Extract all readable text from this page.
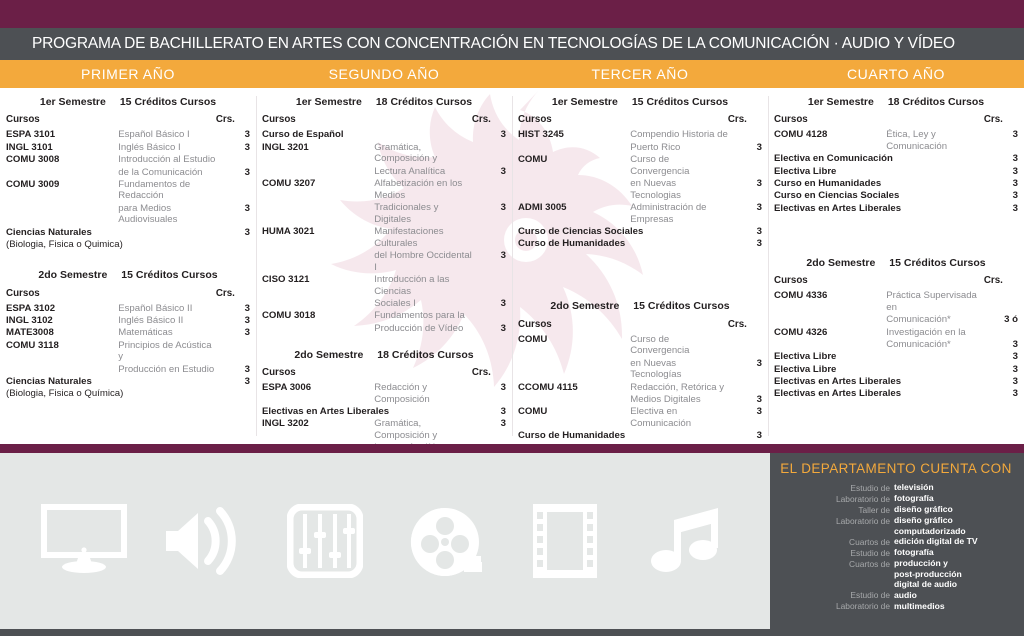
PROGRAMA DE BACHILLERATO EN ARTES CON CONCENTRACIÓN EN TECNOLOGÍAS DE LA COMUNICACIÓN · AUDIO Y VÍDEO
PRIMER AÑO	SEGUNDO AÑO	TERCER AÑO	CUARTO AÑO
1er Semestre 15 Créditos Cursos
Cursos		Crs.
ESPA 3101	Español Básico I	3
INGL 3101	Inglés Básico I	3
COMU 3008	Introducción al Estudio	
	de la Comunicación	3
COMU 3009	Fundamentos de Redacción	
	para Medios Audiovisuales	3
Ciencias Naturales		3
(Biologia, Fisica o Quimica)		
2do Semestre 15 Créditos Cursos
Cursos		Crs.
ESPA 3102	Español Básico II	3
INGL 3102	Inglés Básico II	3
MATE3008	Matemáticas	3
COMU 3118	Principios de Acústica y	
	Producción en Estudio	3
Ciencias Naturales		3
(Biologia, Fisica o Química)		
1er Semestre 18 Créditos Cursos
Cursos		Crs.
Curso de Español		3
INGL 3201	Gramática, Composición y	
	Lectura Analítica	3
COMU 3207	Alfabetización en los Medios	
	Tradicionales y Digitales	3
HUMA 3021	Manifestaciones Culturales	
	del Hombre Occidental I	3
CISO 3121	Introducción a las Ciencias	
	Sociales I	3
COMU 3018	Fundamentos para la	
	Producción de Vídeo	3
2do Semestre 18 Créditos Cursos
Cursos		Crs.
ESPA 3006	Redacción y Composición	3
Electivas en Artes Liberales		3
INGL 3202	Gramática, Composición y	3

1er Semestre 15 Créditos Cursos
Cursos		Crs.
HIST 3245	Compendio Historia de	
	Puerto Rico	3
COMU	Curso de Convergencia	
	en Nuevas Tecnologias	3
ADMI 3005	Administración de Empresas	3
Curso de Ciencias Sociales		3
Curso de Humanidades		3
2do Semestre 15 Créditos Cursos
Cursos		Crs.
COMU	Curso de Convergencia	
	en Nuevas Tecnologías	3
CCOMU 4115	Redacción, Retórica y	
	Medios Digitales	3
COMU	Electiva en Comunicación	3
Curso de Humanidades		3

1er Semestre 18 Créditos Cursos
Cursos		Crs.
COMU 4128	Ética, Ley y Comunicación	3
Electiva en Comunicación		3
Electiva Libre		3
Curso en Humanidades		3
Curso en Ciencias Sociales		3
Electivas en Artes Liberales		3
2do Semestre 15 Créditos Cursos
Cursos		Crs.
COMU 4336	Práctica Supervisada en	
	Comunicación*	3 ó
COMU 4326	Investigación en la	
	Comunicación*	3
Electiva Libre		3
Electiva Libre		3
Electivas en Artes Liberales		3
Electivas en Artes Liberales		3
EL DEPARTAMENTO CUENTA CON
Estudio de televisión
Laboratorio de fotografía
Taller de diseño gráfico
Laboratorio de diseño gráfico
computadorizado
Cuartos de edición digital de TV
Estudio de fotografía
Cuartos de producción y
post-producción
digital de audio
Estudio de audio
Laboratorio de multimedios
